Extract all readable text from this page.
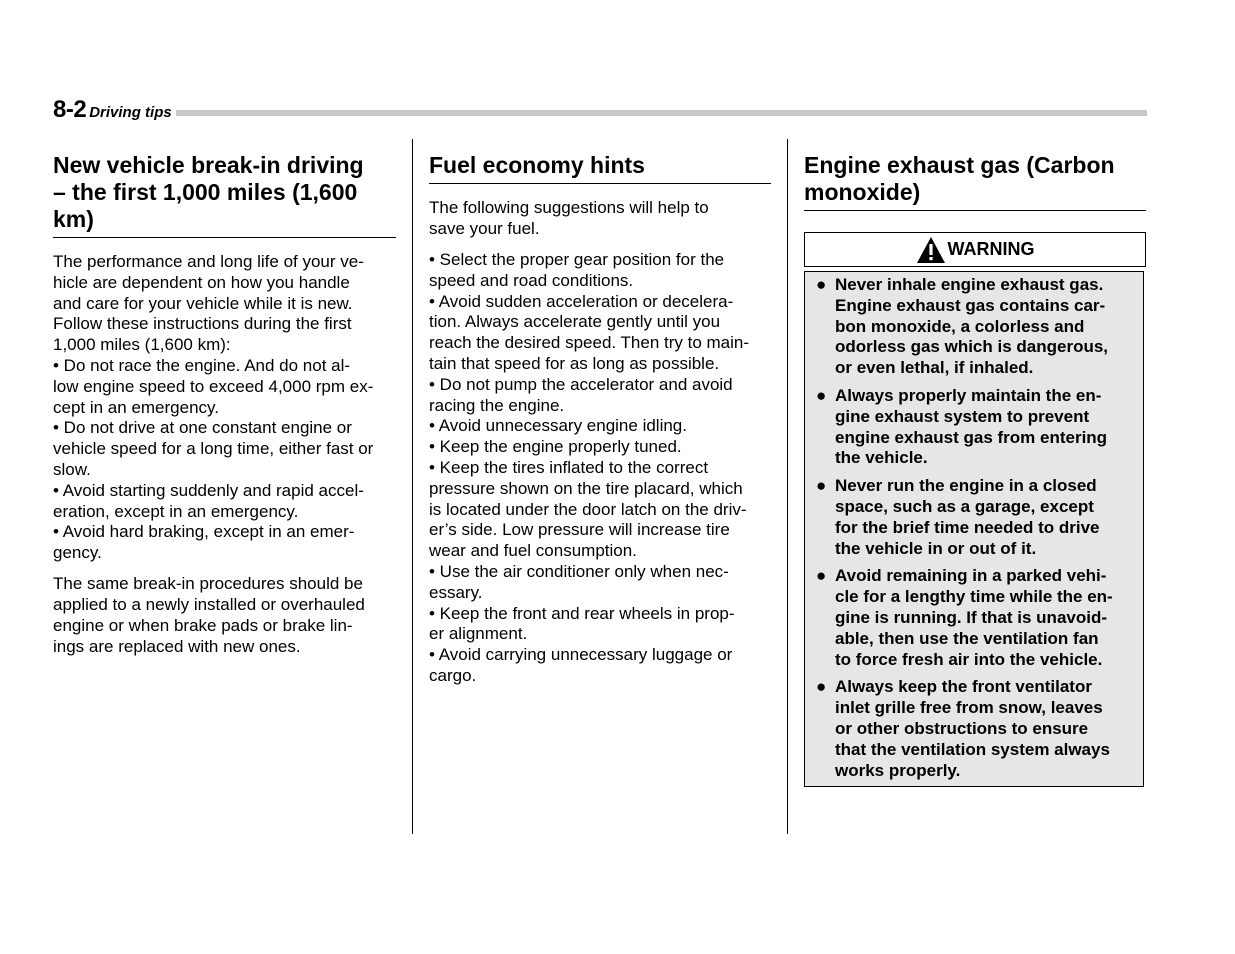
8-2 Driving tips
New vehicle break-in driving
– the first 1,000 miles (1,600
km)
The performance and long life of your ve-
hicle are dependent on how you handle
and care for your vehicle while it is new.
Follow these instructions during the first
1,000 miles (1,600 km):
• Do not race the engine. And do not al-
low engine speed to exceed 4,000 rpm ex-
cept in an emergency.
• Do not drive at one constant engine or
vehicle speed for a long time, either fast or
slow.
• Avoid starting suddenly and rapid accel-
eration, except in an emergency.
• Avoid hard braking, except in an emer-
gency.
The same break-in procedures should be
applied to a newly installed or overhauled
engine or when brake pads or brake lin-
ings are replaced with new ones.
Fuel economy hints
The following suggestions will help to
save your fuel.
• Select the proper gear position for the
speed and road conditions.
• Avoid sudden acceleration or decelera-
tion. Always accelerate gently until you
reach the desired speed. Then try to main-
tain that speed for as long as possible.
• Do not pump the accelerator and avoid
racing the engine.
• Avoid unnecessary engine idling.
• Keep the engine properly tuned.
• Keep the tires inflated to the correct
pressure shown on the tire placard, which
is located under the door latch on the driv-
er’s side. Low pressure will increase tire
wear and fuel consumption.
• Use the air conditioner only when nec-
essary.
• Keep the front and rear wheels in prop-
er alignment.
• Avoid carrying unnecessary luggage or
cargo.
Engine exhaust gas (Carbon
monoxide)
WARNING
● Never inhale engine exhaust gas.
Engine exhaust gas contains car-
bon monoxide, a colorless and
odorless gas which is dangerous,
or even lethal, if inhaled.
● Always properly maintain the en-
gine exhaust system to prevent
engine exhaust gas from entering
the vehicle.
● Never run the engine in a closed
space, such as a garage, except
for the brief time needed to drive
the vehicle in or out of it.
● Avoid remaining in a parked vehi-
cle for a lengthy time while the en-
gine is running. If that is unavoid-
able, then use the ventilation fan
to force fresh air into the vehicle.
● Always keep the front ventilator
inlet grille free from snow, leaves
or other obstructions to ensure
that the ventilation system always
works properly.
